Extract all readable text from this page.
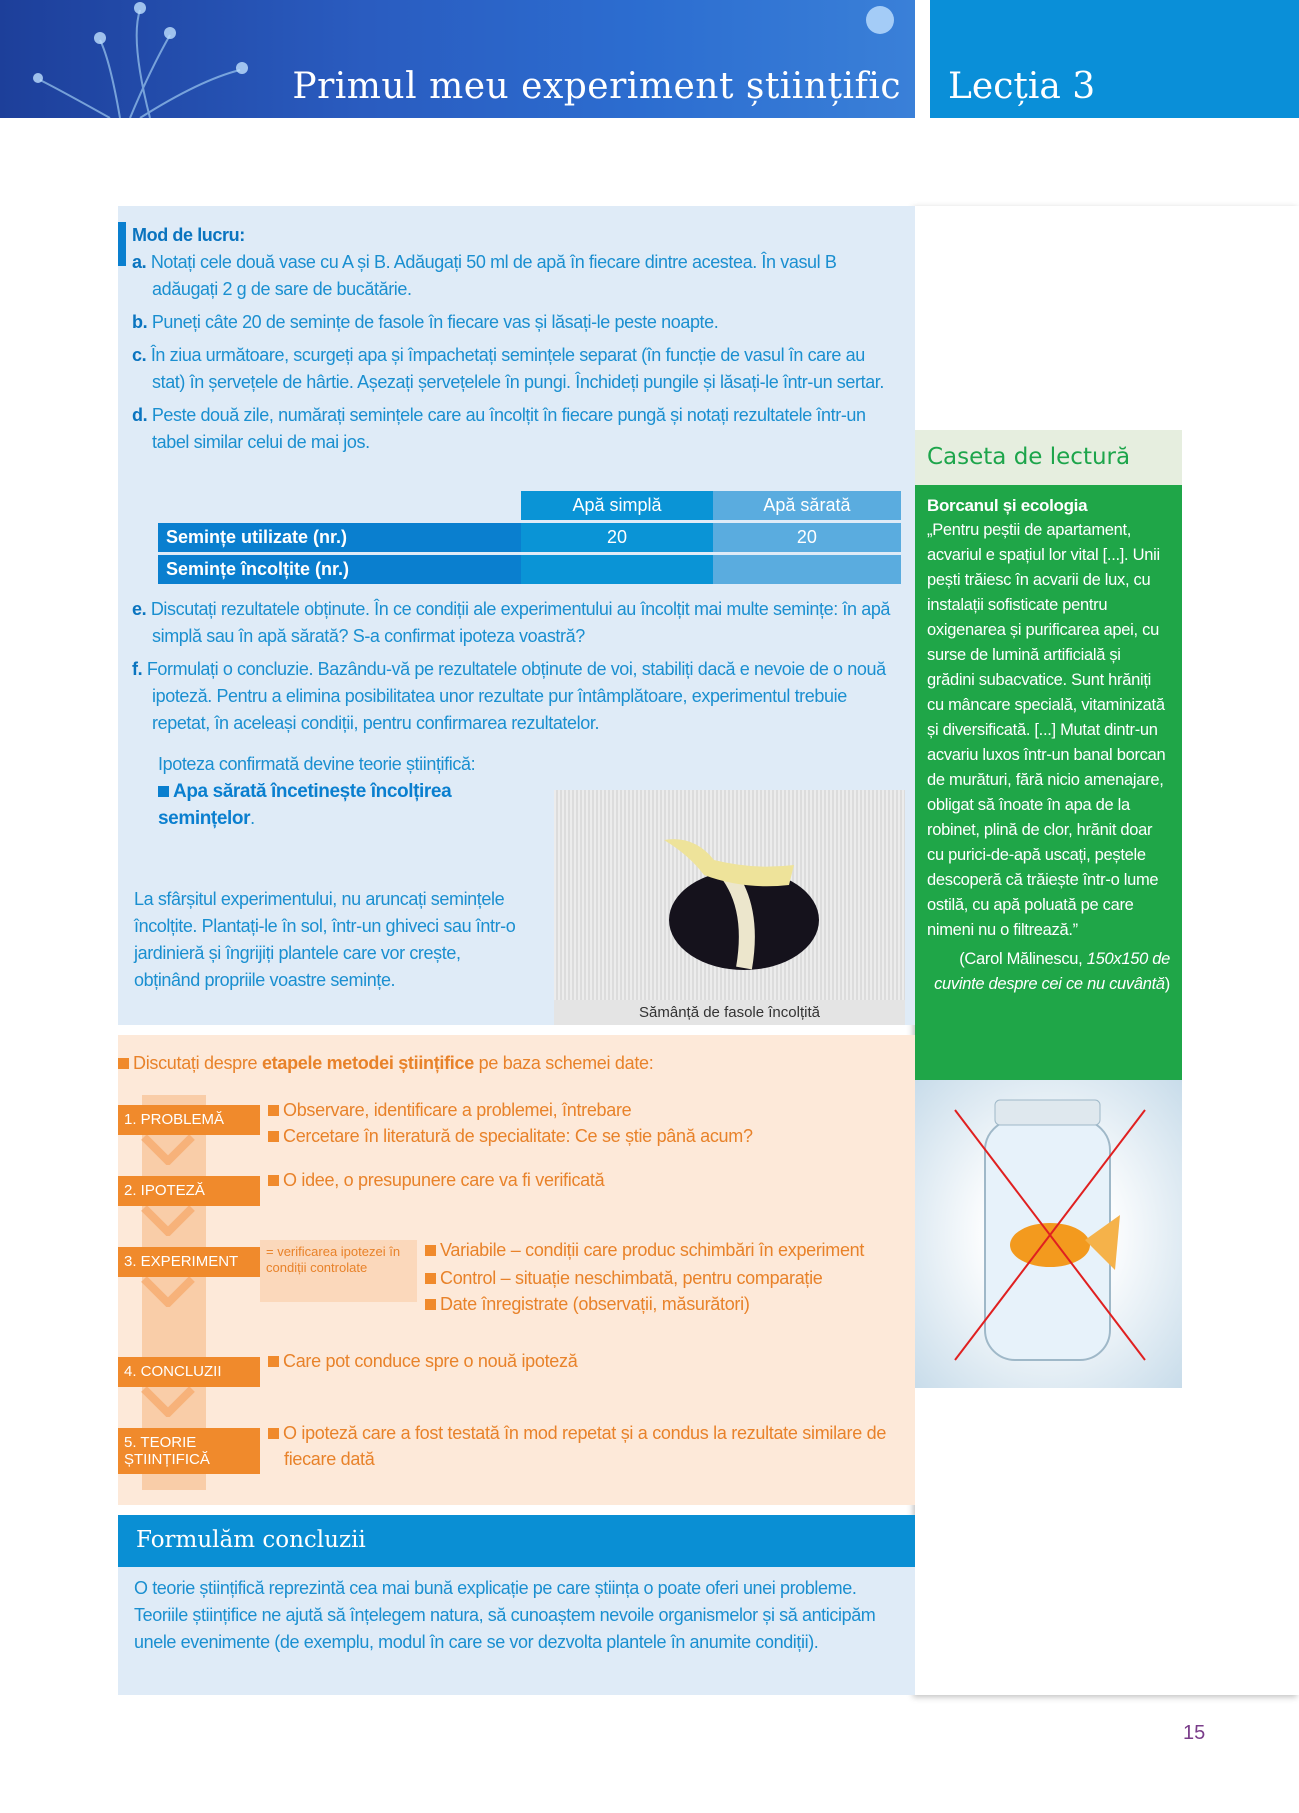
Primul meu experiment științific Lecția 3
Mod de lucru:
a. Notați cele două vase cu A și B. Adăugați 50 ml de apă în fiecare dintre acestea. În vasul B adăugați 2 g de sare de bucătărie.
b. Puneți câte 20 de semințe de fasole în fiecare vas și lăsați-le peste noapte.
c. În ziua următoare, scurgeți apa și împachetați semințele separat (în funcție de vasul în care au stat) în șervețele de hârtie. Așezați șervețelele în pungi. Închideți pungile și lăsați-le într-un sertar.
d. Peste două zile, numărați semințele care au încolțit în fiecare pungă și notați rezultatele într-un tabel similar celui de mai jos.
	Apă simplă	Apă sărată
Semințe utilizate (nr.)	20	20
Semințe încolțite (nr.)		
e. Discutați rezultatele obținute. În ce condiții ale experimentului au încolțit mai multe semințe: în apă simplă sau în apă sărată? S-a confirmat ipoteza voastră?
f. Formulați o concluzie. Bazându-vă pe rezultatele obținute de voi, stabiliți dacă e nevoie de o nouă ipoteză. Pentru a elimina posibilitatea unor rezultate pur întâmplătoare, experimentul trebuie repetat, în aceleași condiții, pentru confirmarea rezultatelor.
Ipoteza confirmată devine teorie științifică:
Apa sărată încetinește încolțirea semințelor.
La sfârșitul experimentului, nu aruncați semințele încolțite. Plantați-le în sol, într-un ghiveci sau într-o jardinieră și îngrijiți plantele care vor crește, obținând propriile voastre semințe.
Sămânță de fasole încolțită
Discutați despre etapele metodei științifice pe baza schemei date:
1. PROBLEMĂ
2. IPOTEZĂ
3. EXPERIMENT
4. CONCLUZII
5. TEORIE ȘTIINȚIFICĂ
Observare, identificare a problemei, întrebare
Cercetare în literatură de specialitate: Ce se știe până acum?
O idee, o presupunere care va fi verificată
= verificarea ipotezei în condiții controlate
Variabile – condiții care produc schimbări în experiment
Control – situație neschimbată, pentru comparație
Date înregistrate (observații, măsurători)
Care pot conduce spre o nouă ipoteză
O ipoteză care a fost testată în mod repetat și a condus la rezultate similare de fiecare dată
Formulăm concluzii
O teorie științifică reprezintă cea mai bună explicație pe care știința o poate oferi unei probleme. Teoriile științifice ne ajută să înțelegem natura, să cunoaștem nevoile organismelor și să anticipăm unele evenimente (de exemplu, modul în care se vor dezvolta plantele în anumite condiții).
Caseta de lectură
Borcanul și ecologia
„Pentru peștii de apartament, acvariul e spațiul lor vital [...]. Unii pești trăiesc în acvarii de lux, cu instalații sofisticate pentru oxigenarea și purificarea apei, cu surse de lumină artificială și grădini subacvatice. Sunt hrăniți cu mâncare specială, vitaminizată și diversificată. [...] Mutat dintr-un acvariu luxos într-un banal borcan de murături, fără nicio amenajare, obligat să înoate în apa de la robinet, plină de clor, hrănit doar cu purici-de-apă uscați, peștele descoperă că trăiește într-o lume ostilă, cu apă poluată pe care nimeni nu o filtrează.”
(Carol Mălinescu, 150x150 de cuvinte despre cei ce nu cuvântă)
15
